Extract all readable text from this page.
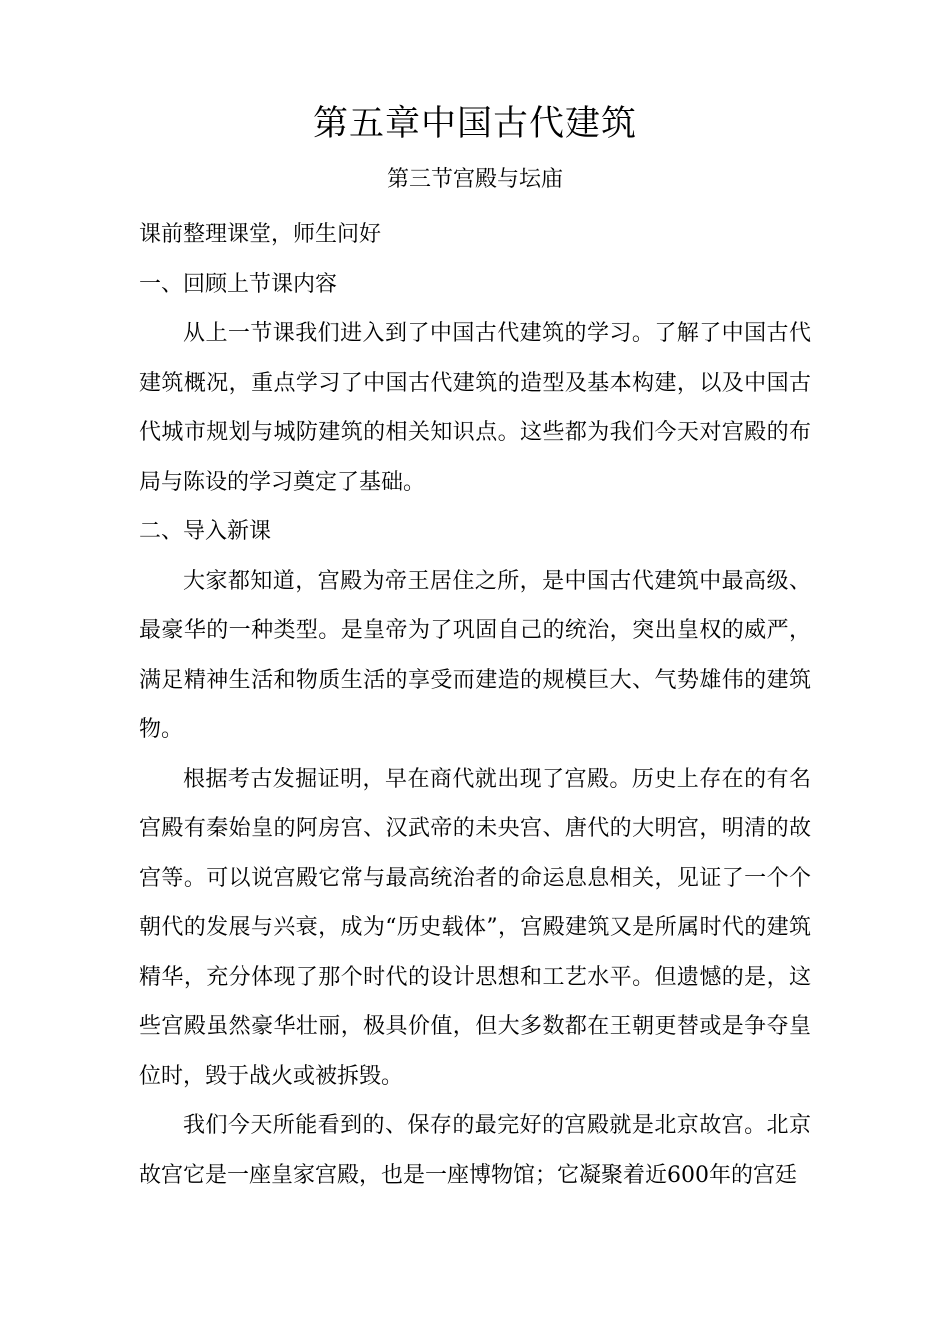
第五章中国古代建筑
第三节宫殿与坛庙

课前整理课堂，师生问好

一、回顾上节课内容

从上一节课我们进入到了中国古代建筑的学习。了解了中国古代建筑概况，重点学习了中国古代建筑的造型及基本构建，以及中国古代城市规划与城防建筑的相关知识点。这些都为我们今天对宫殿的布局与陈设的学习奠定了基础。

二、导入新课

大家都知道，宫殿为帝王居住之所，是中国古代建筑中最高级、最豪华的一种类型。是皇帝为了巩固自己的统治，突出皇权的威严，满足精神生活和物质生活的享受而建造的规模巨大、气势雄伟的建筑物。

根据考古发掘证明，早在商代就出现了宫殿。历史上存在的有名宫殿有秦始皇的阿房宫、汉武帝的未央宫、唐代的大明宫，明清的故宫等。可以说宫殿它常与最高统治者的命运息息相关，见证了一个个朝代的发展与兴衰，成为“历史载体”，宫殿建筑又是所属时代的建筑精华，充分体现了那个时代的设计思想和工艺水平。但遗憾的是，这些宫殿虽然豪华壮丽，极具价值，但大多数都在王朝更替或是争夺皇位时，毁于战火或被拆毁。

我们今天所能看到的、保存的最完好的宫殿就是北京故宫。北京故宫它是一座皇家宫殿，也是一座博物馆；它凝聚着近600年的宫廷
